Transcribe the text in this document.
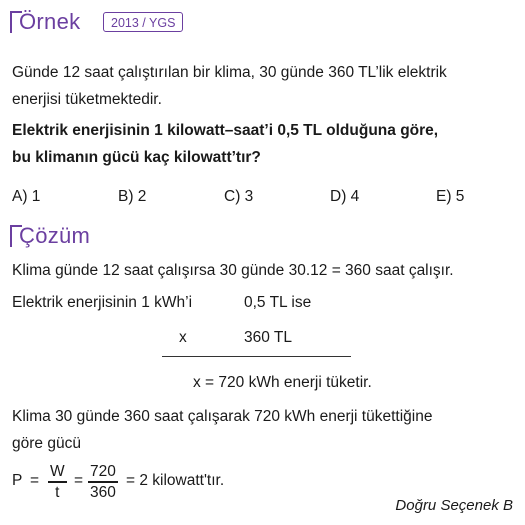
Örnek	2013 / YGS
Günde 12 saat çalıştırılan bir klima, 30 günde 360 TL’lik elektrik
enerjisi tüketmektedir.
Elektrik enerjisinin 1 kilowatt–saat’i 0,5 TL olduğuna göre,
bu klimanın gücü kaç kilowatt’tır?
A) 1	B) 2	C) 3	D) 4	E) 5
Çözüm
Klima günde 12 saat çalışırsa 30 günde 30.12 = 360 saat çalışır.
Elektrik enerjisinin 1 kWh’i	0,5 TL ise
x	360 TL
x = 720 kWh enerji tüketir.
Klima 30 günde 360 saat çalışarak 720 kWh enerji tükettiğine
göre gücü
P =
W
t
=
720
360
= 2 kilowatt'tır.
Doğru Seçenek B
